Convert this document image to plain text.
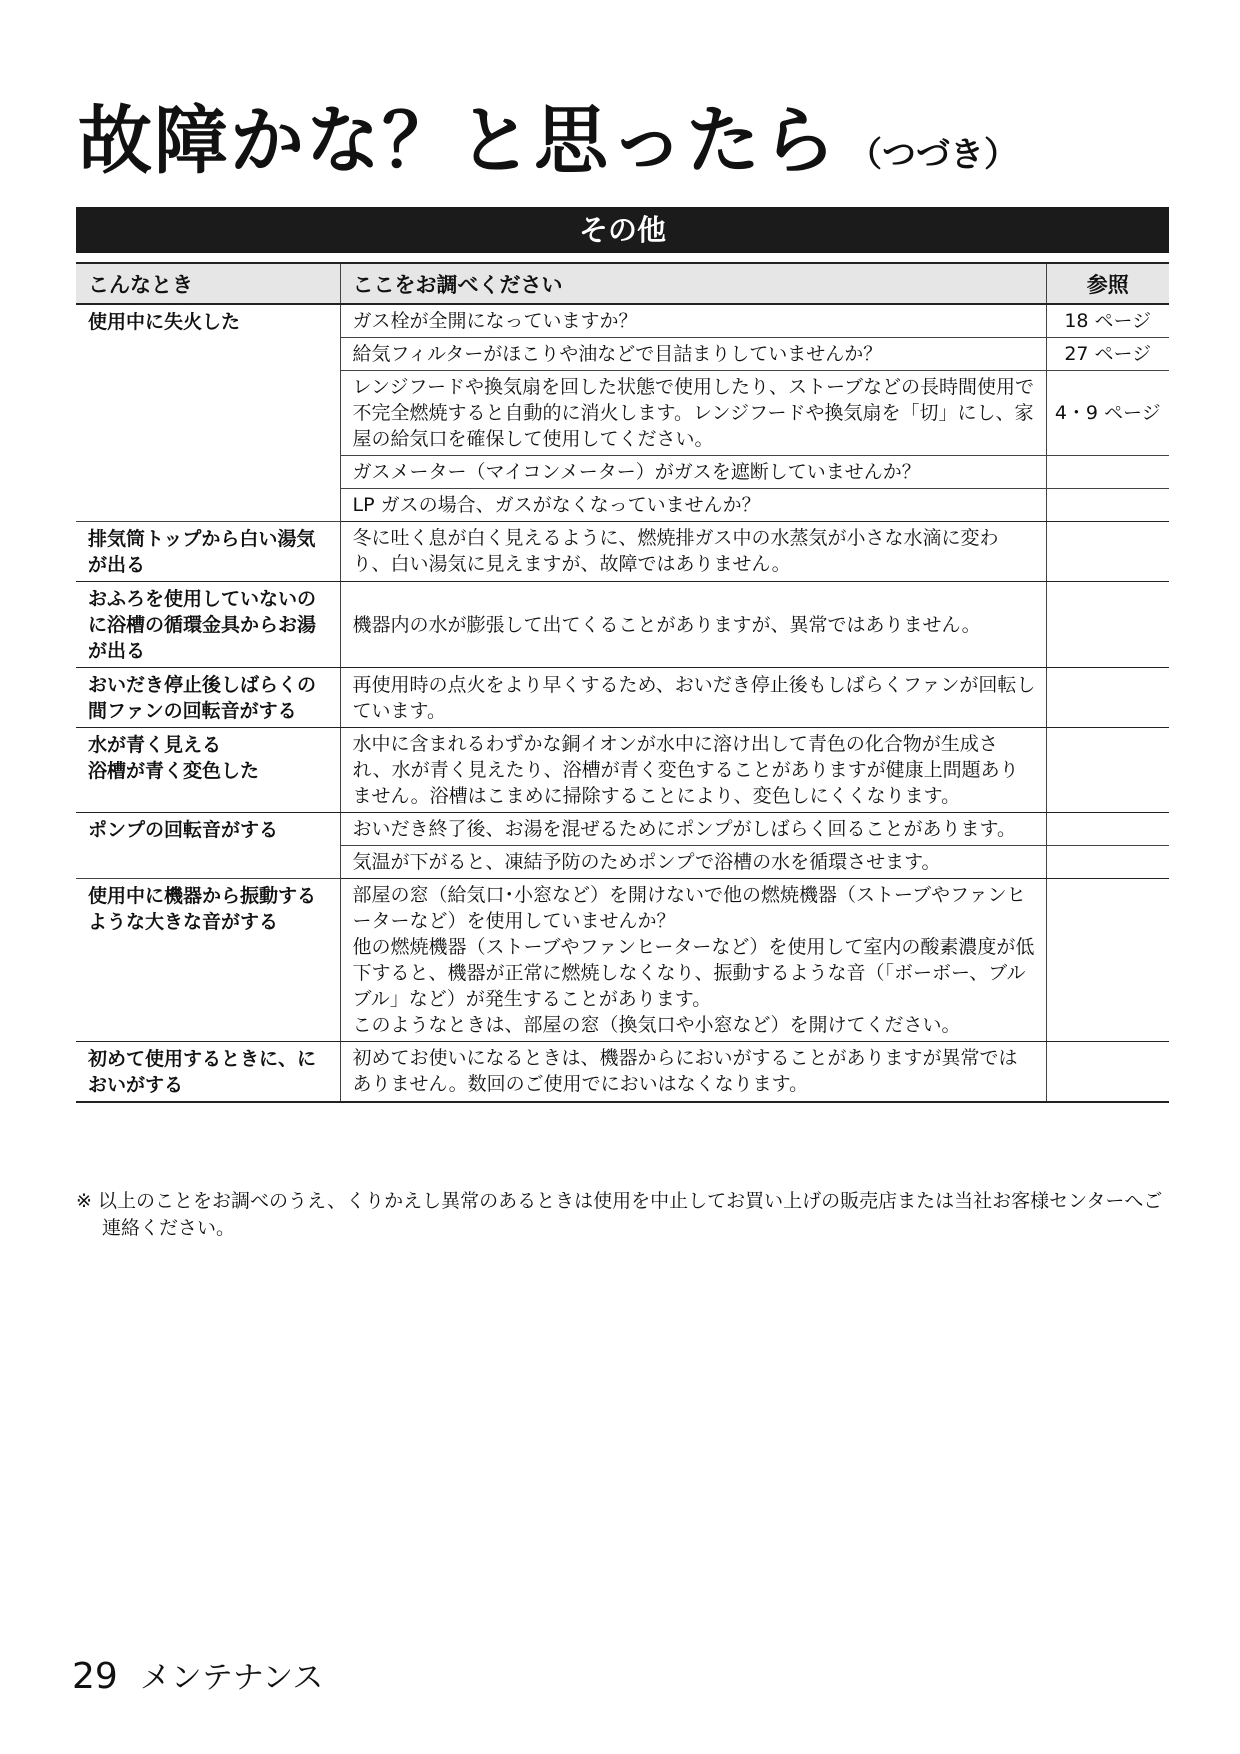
故障かな？と思ったら （つづき）
その他
こんなとき	ここをお調べください	参照
使用中に失火した	ガス栓が全開になっていますか？	18 ページ
	給気フィルターがほこりや油などで目詰まりしていませんか？	27 ページ
	レンジフードや換気扇を回した状態で使用したり、ストーブなどの長時間使用で不完全燃焼すると自動的に消火します。レンジフードや換気扇を「切」にし、家屋の給気口を確保して使用してください。	4・9 ページ
	ガスメーター（マイコンメーター）がガスを遮断していませんか？	
	LP ガスの場合、ガスがなくなっていませんか？	
排気筒トップから白い湯気が出る	冬に吐く息が白く見えるように、燃焼排ガス中の水蒸気が小さな水滴に変わり、白い湯気に見えますが、故障ではありません。	
おふろを使用していないのに浴槽の循環金具からお湯が出る	機器内の水が膨張して出てくることがありますが、異常ではありません。	
おいだき停止後しばらくの間ファンの回転音がする	再使用時の点火をより早くするため、おいだき停止後もしばらくファンが回転しています。	

水が青く見える
浴槽が青く変色した	水中に含まれるわずかな銅イオンが水中に溶け出して青色の化合物が生成され、水が青く見えたり、浴槽が青く変色することがありますが健康上問題ありません。浴槽はこまめに掃除することにより、変色しにくくなります。	
ポンプの回転音がする	おいだき終了後、お湯を混ぜるためにポンプがしばらく回ることがあります。	
	気温が下がると、凍結予防のためポンプで浴槽の水を循環させます。	
使用中に機器から振動するような大きな音がする	部屋の窓（給気口･小窓など）を開けないで他の燃焼機器（ストーブやファンヒーターなど）を使用していませんか？
他の燃焼機器（ストーブやファンヒーターなど）を使用して室内の酸素濃度が低下すると、機器が正常に燃焼しなくなり、振動するような音（「ボーボー、ブルブル」など）が発生することがあります。
このようなときは、部屋の窓（換気口や小窓など）を開けてください。	

初めて使用するときに、においがする	初めてお使いになるときは、機器からにおいがすることがありますが異常ではありません。数回のご使用でにおいはなくなります。	
※ 以上のことをお調べのうえ、くりかえし異常のあるときは使用を中止してお買い上げの販売店または当社お客様センターへご連絡ください。
29 メンテナンス
